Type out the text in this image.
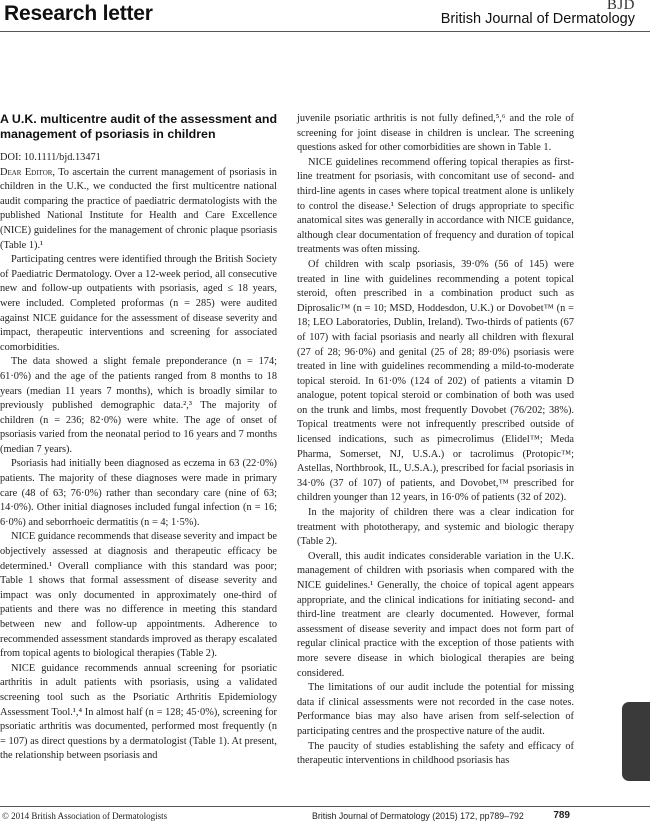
Research letter	BJD
British Journal of Dermatology
A U.K. multicentre audit of the assessment and management of psoriasis in children

DOI: 10.1111/bjd.13471

Dear Editor, To ascertain the current management of psoriasis in children in the U.K., we conducted the first multicentre national audit comparing the practice of paediatric dermatologists with the published National Institute for Health and Care Excellence (NICE) guidelines for the management of chronic plaque psoriasis (Table 1).¹

Participating centres were identified through the British Society of Paediatric Dermatology. Over a 12-week period, all consecutive new and follow-up outpatients with psoriasis, aged ≤ 18 years, were included. Completed proformas (n = 285) were audited against NICE guidance for the assessment of disease severity and impact, therapeutic interventions and screening for associated comorbidities.

The data showed a slight female preponderance (n = 174; 61·0%) and the age of the patients ranged from 8 months to 18 years (median 11 years 7 months), which is broadly similar to previously published demographic data.²,³ The majority of children (n = 236; 82·0%) were white. The age of onset of psoriasis varied from the neonatal period to 16 years and 7 months (median 7 years).

Psoriasis had initially been diagnosed as eczema in 63 (22·0%) patients. The majority of these diagnoses were made in primary care (48 of 63; 76·0%) rather than secondary care (nine of 63; 14·0%). Other initial diagnoses included fungal infection (n = 16; 6·0%) and seborrhoeic dermatitis (n = 4; 1·5%).

NICE guidance recommends that disease severity and impact be objectively assessed at diagnosis and therapeutic efficacy be determined.¹ Overall compliance with this standard was poor; Table 1 shows that formal assessment of disease severity and impact was only documented in approximately one-third of patients and there was no difference in meeting this standard between new and follow-up appointments. Adherence to recommended assessment standards improved as therapy escalated from topical agents to biological therapies (Table 2).

NICE guidance recommends annual screening for psoriatic arthritis in adult patients with psoriasis, using a validated screening tool such as the Psoriatic Arthritis Epidemiology Assessment Tool.¹,⁴ In almost half (n = 128; 45·0%), screening for psoriatic arthritis was documented, performed most frequently (n = 107) as direct questions by a dermatologist (Table 1). At present, the relationship between psoriasis and

juvenile psoriatic arthritis is not fully defined,⁵,⁶ and the role of screening for joint disease in children is unclear. The screening questions asked for other comorbidities are shown in Table 1.

NICE guidelines recommend offering topical therapies as first-line treatment for psoriasis, with concomitant use of second- and third-line agents in cases where topical treatment alone is unlikely to control the disease.¹ Selection of drugs appropriate to specific anatomical sites was generally in accordance with NICE guidance, although clear documentation of frequency and duration of topical treatments was often missing.

Of children with scalp psoriasis, 39·0% (56 of 145) were treated in line with guidelines recommending a potent topical steroid, often prescribed in a combination product such as Diprosalic™ (n = 10; MSD, Hoddesdon, U.K.) or Dovobet™ (n = 18; LEO Laboratories, Dublin, Ireland). Two-thirds of patients (67 of 107) with facial psoriasis and nearly all children with flexural (27 of 28; 96·0%) and genital (25 of 28; 89·0%) psoriasis were treated in line with guidelines recommending a mild-to-moderate topical steroid. In 61·0% (124 of 202) of patients a vitamin D analogue, potent topical steroid or combination of both was used on the trunk and limbs, most frequently Dovobet (76/202; 38%). Topical treatments were not infrequently prescribed outside of licensed indications, such as pimecrolimus (Elidel™; Meda Pharma, Somerset, NJ, U.S.A.) or tacrolimus (Protopic™; Astellas, Northbrook, IL, U.S.A.), prescribed for facial psoriasis in 34·0% (37 of 107) of patients, and Dovobet,™ prescribed for children younger than 12 years, in 16·0% of patients (32 of 202).

In the majority of children there was a clear indication for treatment with phototherapy, and systemic and biologic therapy (Table 2).

Overall, this audit indicates considerable variation in the U.K. management of children with psoriasis when compared with the NICE guidelines.¹ Generally, the choice of topical agent appears appropriate, and the clinical indications for initiating second- and third-line treatment are clearly documented. However, formal assessment of disease severity and impact does not form part of regular clinical practice with the exception of those patients with more severe disease in which biological therapies are being considered.

The limitations of our audit include the potential for missing data if clinical assessments were not recorded in the case notes. Performance bias may also have arisen from self-selection of participating centres and the prospective nature of the audit.

The paucity of studies establishing the safety and efficacy of therapeutic interventions in childhood psoriasis has

© 2014 British Association of Dermatologists	British Journal of Dermatology (2015) 172, pp789–792	789
